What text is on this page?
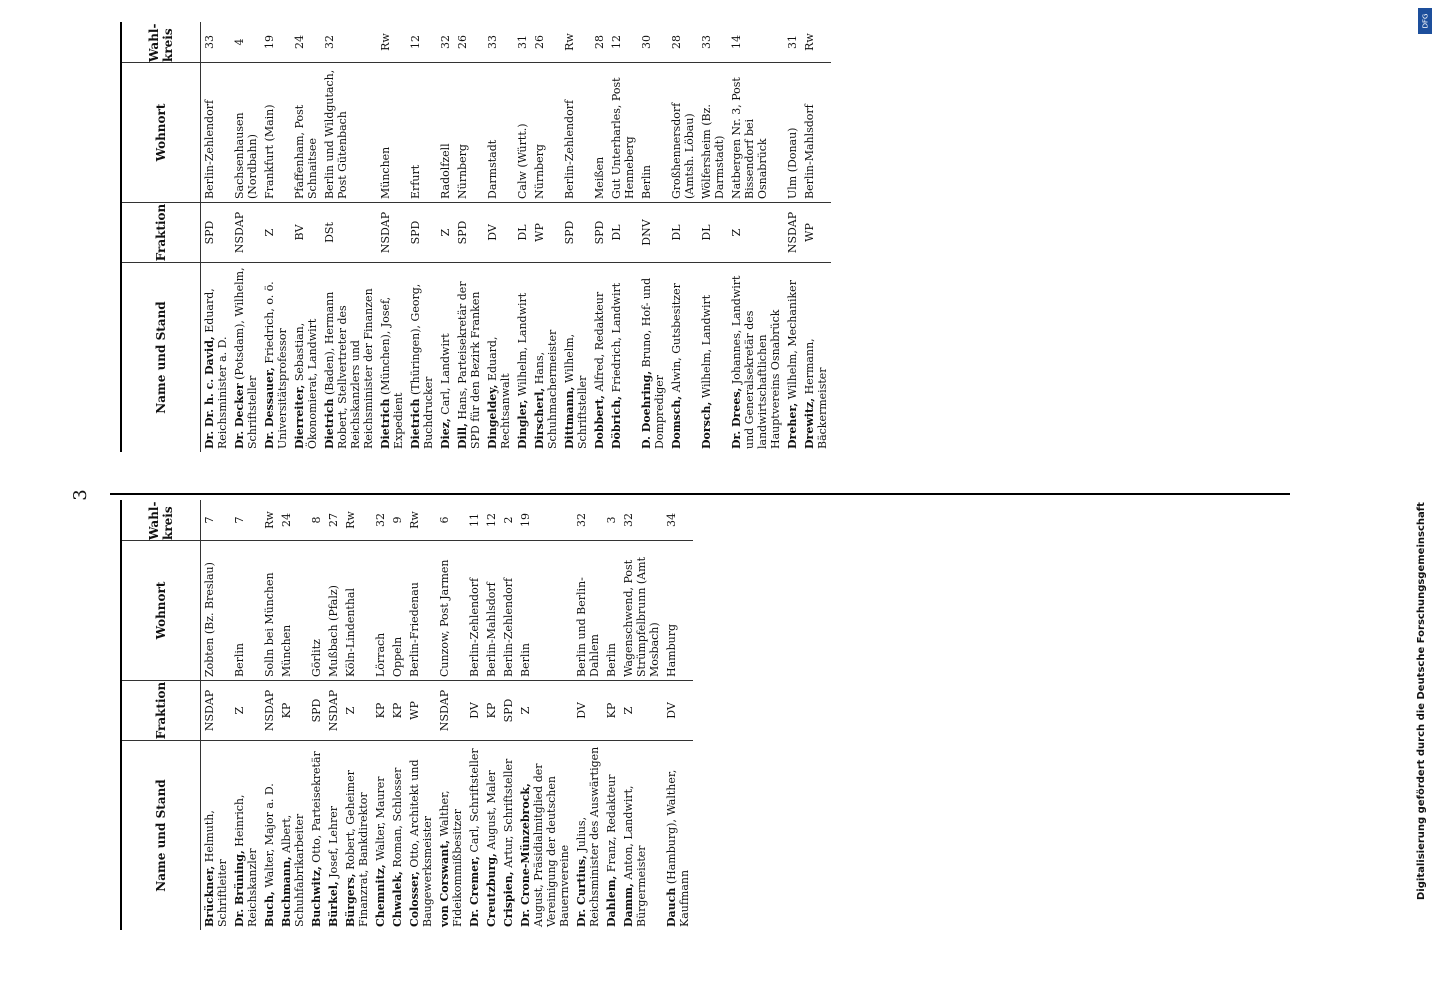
3
Name und Stand
Fraktion
Wohnort
Wahl- kreis
Brückner, Helmuth, Schriftleiter
NSDAP
Zobten (Bz. Breslau)
7
Dr. Brüning, Heinrich, Reichskanzler
Z
Berlin
7
Buch, Walter, Major a. D.
NSDAP
Solln bei München
Rw
Buchmann, Albert, Schuhfabrikarbeiter
KP
München
24
Buchwitz, Otto, Parteisekretär
SPD
Görlitz
8
Bürkel, Josef, Lehrer
NSDAP
Mußbach (Pfalz)
27
Bürgers, Robert, Geheimer Finanzrat, Bankdirektor
Z
Köln-Lindenthal
Rw
Chemnitz, Walter, Maurer
KP
Lörrach
32
Chwalek, Roman, Schlosser
KP
Oppeln
9
Colosser, Otto, Architekt und Baugewerksmeister
WP
Berlin-Friedenau
Rw
von Corswant, Walther, Fideikommißbesitzer
NSDAP
Cunzow, Post Jarmen
6
Dr. Cremer, Carl, Schriftsteller
DV
Berlin-Zehlendorf
11
Creutzburg, August, Maler
KP
Berlin-Mahlsdorf
12
Crispien, Artur, Schriftsteller
SPD
Berlin-Zehlendorf
2
Dr. Crone-Münzebrock, August, Präsidialmitglied der Vereinigung der deutschen Bauernvereine
Z
Berlin
19
Dr. Curtius, Julius, Reichsminister des Auswärtigen
DV
Berlin und Berlin-Dahlem
32
Dahlem, Franz, Redakteur
KP
Berlin
3
Damm, Anton, Landwirt, Bürgermeister
Z
Wagenschwend, Post Strümpfelbrunn (Amt Mosbach)
32
Dauch (Hamburg), Walther, Kaufmann
DV
Hamburg
34
Name und Stand
Fraktion
Wohnort
Wahl- kreis
Dr. Dr. h. c. David, Eduard, Reichsminister a. D.
SPD
Berlin-Zehlendorf
33
Dr. Decker (Potsdam), Wilhelm, Schriftsteller
NSDAP
Sachsenhausen (Nordbahn)
4
Dr. Dessauer, Friedrich, o. ö. Universitätsprofessor
Z
Frankfurt (Main)
19
Dierreiter, Sebastian, Ökonomierat, Landwirt
BV
Pfaffenham, Post Schnaitsee
24
Dietrich (Baden), Hermann Robert, Stellvertreter des Reichskanzlers und Reichsminister der Finanzen
DSt
Berlin und Wildgutach, Post Gütenbach
32
Dietrich (München), Josef, Expedient
NSDAP
München
Rw
Dietrich (Thüringen), Georg, Buchdrucker
SPD
Erfurt
12
Diez, Carl, Landwirt
Z
Radolfzell
32
Dill, Hans, Parteisekretär der SPD für den Bezirk Franken
SPD
Nürnberg
26
Dingeldey, Eduard, Rechtsanwalt
DV
Darmstadt
33
Dingler, Wilhelm, Landwirt
DL
Calw (Württ.)
31
Dirscherl, Hans, Schuhmachermeister
WP
Nürnberg
26
Dittmann, Wilhelm, Schriftsteller
SPD
Berlin-Zehlendorf
Rw
Dobbert, Alfred, Redakteur
SPD
Meißen
28
Döbrich, Friedrich, Landwirt
DL
Gut Unterharles, Post Henneberg
12
D. Doehring, Bruno, Hof- und Domprediger
DNV
Berlin
30
Domsch, Alwin, Gutsbesitzer
DL
Großhennersdorf (Amtsh. Löbau)
28
Dorsch, Wilhelm, Landwirt
DL
Wölfersheim (Bz. Darmstadt)
33
Dr. Drees, Johannes, Landwirt und Generalsekretär des landwirtschaftlichen Hauptvereins Osnabrück
Z
Natbergen Nr. 3, Post Bissendorf bei Osnabrück
14
Dreher, Wilhelm, Mechaniker
NSDAP
Ulm (Donau)
31
Drewitz, Hermann, Bäckermeister
WP
Berlin-Mahlsdorf
Rw
DFG
Digitalisierung gefördert durch die Deutsche Forschungsgemeinschaft
